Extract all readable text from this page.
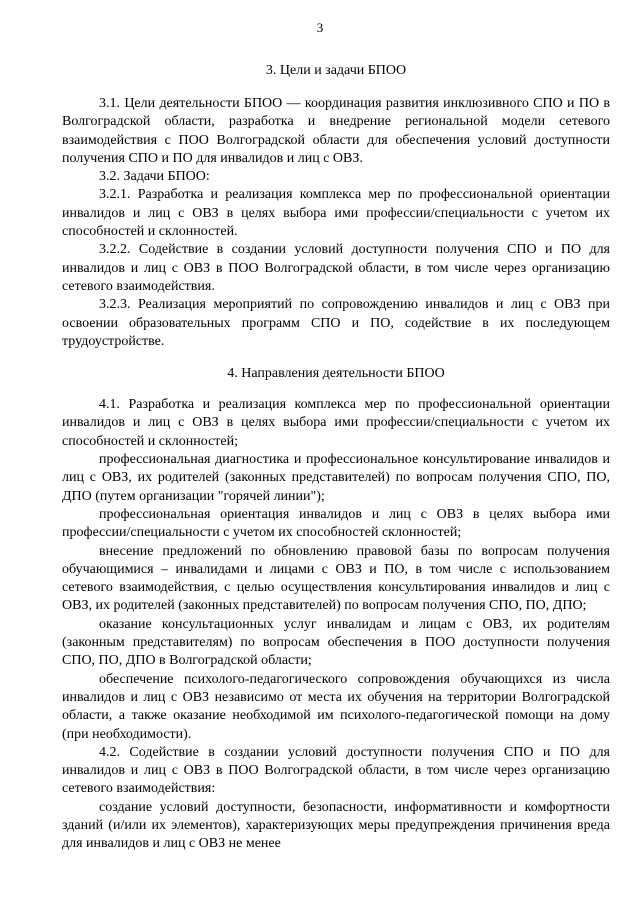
3
3. Цели и задачи БПОО

3.1. Цели деятельности БПОО — координация развития инклюзивного СПО и ПО в Волгоградской области, разработка и внедрение региональной модели сетевого взаимодействия с ПОО Волгоградской области для обеспечения условий доступности получения СПО и ПО для инвалидов и лиц с ОВЗ.

3.2. Задачи БПОО:

3.2.1. Разработка и реализация комплекса мер по профессиональной ориентации инвалидов и лиц с ОВЗ в целях выбора ими профессии/специальности с учетом их способностей и склонностей.

3.2.2. Содействие в создании условий доступности получения СПО и ПО для инвалидов и лиц с ОВЗ в ПОО Волгоградской области, в том числе через организацию сетевого взаимодействия.

3.2.3. Реализация мероприятий по сопровождению инвалидов и лиц с ОВЗ при освоении образовательных программ СПО и ПО, содействие в их последующем трудоустройстве.

4. Направления деятельности БПОО

4.1. Разработка и реализация комплекса мер по профессиональной ориентации инвалидов и лиц с ОВЗ в целях выбора ими профессии/специальности с учетом их способностей и склонностей;

профессиональная диагностика и профессиональное консультирование инвалидов и лиц с ОВЗ, их родителей (законных представителей) по вопросам получения СПО, ПО, ДПО (путем организации "горячей линии");

профессиональная ориентация инвалидов и лиц с ОВЗ в целях выбора ими профессии/специальности с учетом их способностей склонностей;

внесение предложений по обновлению правовой базы по вопросам получения обучающимися – инвалидами и лицами с ОВЗ и ПО, в том числе с использованием сетевого взаимодействия, с целью осуществления консультирования инвалидов и лиц с ОВЗ, их родителей (законных представителей) по вопросам получения СПО, ПО, ДПО;

оказание консультационных услуг инвалидам и лицам с ОВЗ, их родителям (законным представителям) по вопросам обеспечения в ПОО доступности получения СПО, ПО, ДПО в Волгоградской области;

обеспечение психолого-педагогического сопровождения обучающихся из числа инвалидов и лиц с ОВЗ независимо от места их обучения на территории Волгоградской области, а также оказание необходимой им психолого-педагогической помощи на дому (при необходимости).

4.2. Содействие в создании условий доступности получения СПО и ПО для инвалидов и лиц с ОВЗ в ПОО Волгоградской области, в том числе через организацию сетевого взаимодействия:

создание условий доступности, безопасности, информативности и комфортности зданий (и/или их элементов), характеризующих меры предупреждения причинения вреда для инвалидов и лиц с ОВЗ не менее
